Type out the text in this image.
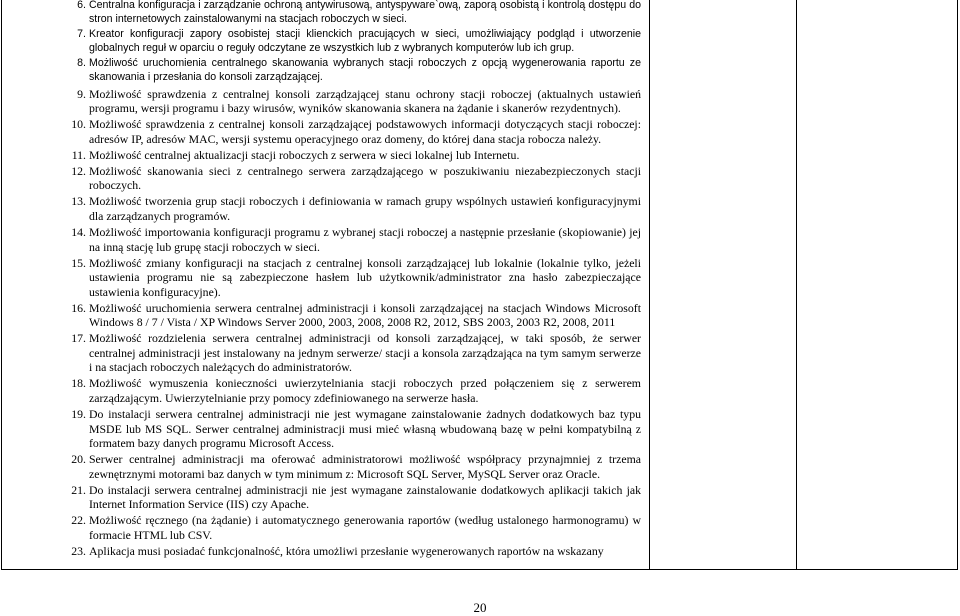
6. Centralna konfiguracja i zarządzanie ochroną antywirusową, antyspyware`ową, zaporą osobistą i kontrolą dostępu do stron internetowych zainstalowanymi na stacjach roboczych w sieci.
7. Kreator konfiguracji zapory osobistej stacji klienckich pracujących w sieci, umożliwiający podgląd i utworzenie globalnych reguł w oparciu o reguły odczytane ze wszystkich lub z wybranych komputerów lub ich grup.
8. Możliwość uruchomienia centralnego skanowania wybranych stacji roboczych z opcją wygenerowania raportu ze skanowania i przesłania do konsoli zarządzającej.
9. Możliwość sprawdzenia z centralnej konsoli zarządzającej stanu ochrony stacji roboczej (aktualnych ustawień programu, wersji programu i bazy wirusów, wyników skanowania skanera na żądanie i skanerów rezydentnych).
10. Możliwość sprawdzenia z centralnej konsoli zarządzającej podstawowych informacji dotyczących stacji roboczej: adresów IP, adresów MAC, wersji systemu operacyjnego oraz domeny, do której dana stacja robocza należy.
11. Możliwość centralnej aktualizacji stacji roboczych z serwera w sieci lokalnej lub Internetu.
12. Możliwość skanowania sieci z centralnego serwera zarządzającego w poszukiwaniu niezabezpieczonych stacji roboczych.
13. Możliwość tworzenia grup stacji roboczych i definiowania w ramach grupy wspólnych ustawień konfiguracyjnymi dla zarządzanych programów.
14. Możliwość importowania konfiguracji programu z wybranej stacji roboczej a następnie przesłanie (skopiowanie) jej na inną stację lub grupę stacji roboczych w sieci.
15. Możliwość zmiany konfiguracji na stacjach z centralnej konsoli zarządzającej lub lokalnie (lokalnie tylko, jeżeli ustawienia programu nie są zabezpieczone hasłem lub użytkownik/administrator zna hasło zabezpieczające ustawienia konfiguracyjne).
16. Możliwość uruchomienia serwera centralnej administracji i konsoli zarządzającej na stacjach Windows Microsoft Windows 8 / 7 / Vista / XP Windows Server 2000, 2003, 2008, 2008 R2, 2012, SBS 2003, 2003 R2, 2008, 2011
17. Możliwość rozdzielenia serwera centralnej administracji od konsoli zarządzającej, w taki sposób, że serwer centralnej administracji jest instalowany na jednym serwerze/ stacji a konsola zarządzająca na tym samym serwerze i na stacjach roboczych należących do administratorów.
18. Możliwość wymuszenia konieczności uwierzytelniania stacji roboczych przed połączeniem się z serwerem zarządzającym. Uwierzytelnianie przy pomocy zdefiniowanego na serwerze hasła.
19. Do instalacji serwera centralnej administracji nie jest wymagane zainstalowanie żadnych dodatkowych baz typu MSDE lub MS SQL. Serwer centralnej administracji musi mieć własną wbudowaną bazę w pełni kompatybilną z formatem bazy danych programu Microsoft Access.
20. Serwer centralnej administracji ma oferować administratorowi możliwość współpracy przynajmniej z trzema zewnętrznymi motorami baz danych w tym minimum z: Microsoft SQL Server, MySQL Server oraz Oracle.
21. Do instalacji serwera centralnej administracji nie jest wymagane zainstalowanie dodatkowych aplikacji takich jak Internet Information Service (IIS) czy Apache.
22. Możliwość ręcznego (na żądanie) i automatycznego generowania raportów (według ustalonego harmonogramu) w formacie HTML lub CSV.
23. Aplikacja musi posiadać funkcjonalność, która umożliwi przesłanie wygenerowanych raportów na wskazany
20
